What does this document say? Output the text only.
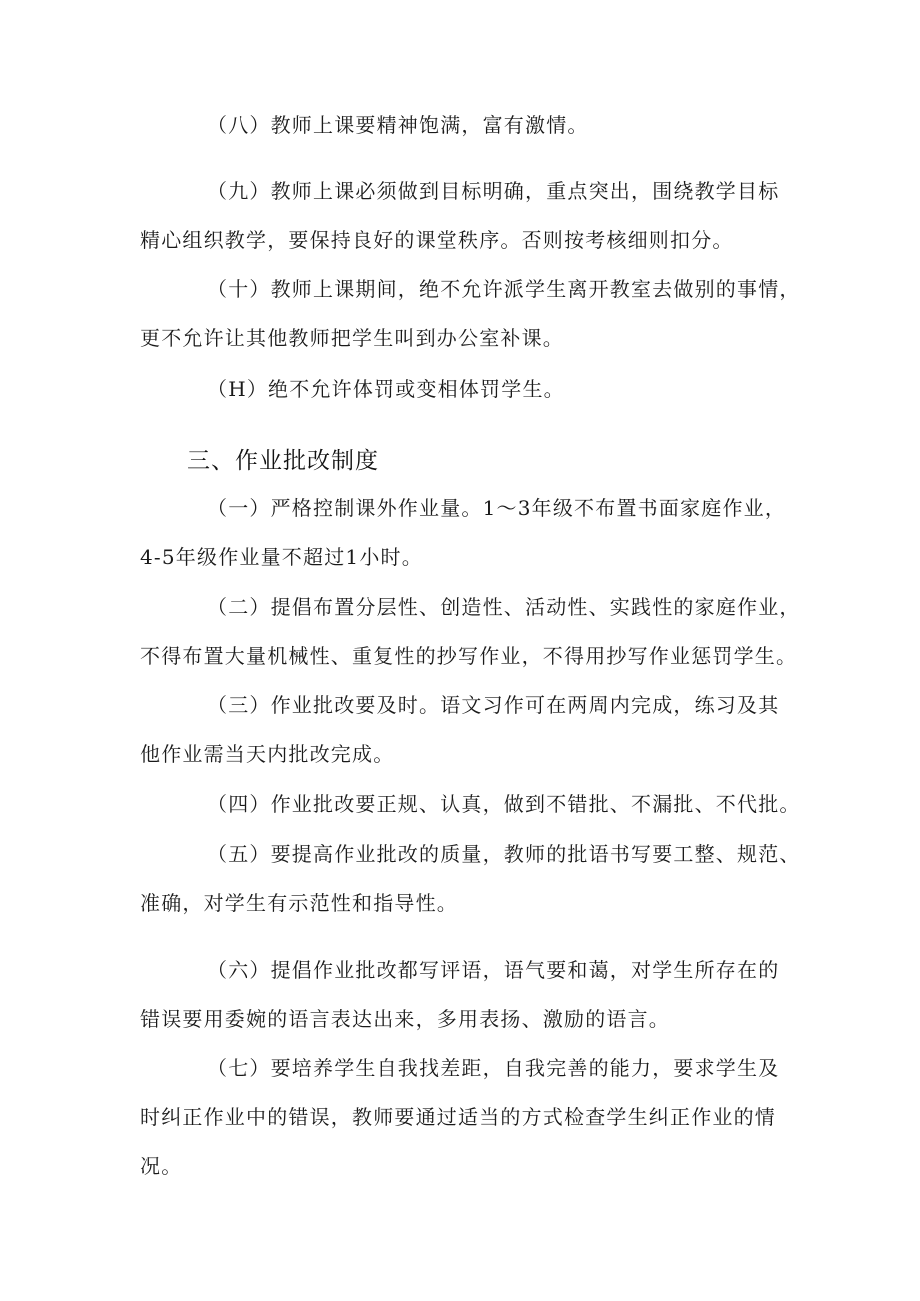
（八）教师上课要精神饱满，富有激情。
（九）教师上课必须做到目标明确，重点突出，围绕教学目标
精心组织教学，要保持良好的课堂秩序。否则按考核细则扣分。
（十）教师上课期间，绝不允许派学生离开教室去做别的事情，
更不允许让其他教师把学生叫到办公室补课。
（H）绝不允许体罚或变相体罚学生。
三、作业批改制度
（一）严格控制课外作业量。1～3年级不布置书面家庭作业，
4-5年级作业量不超过1小时。
（二）提倡布置分层性、创造性、活动性、实践性的家庭作业，
不得布置大量机械性、重复性的抄写作业，不得用抄写作业惩罚学生。
（三）作业批改要及时。语文习作可在两周内完成，练习及其
他作业需当天内批改完成。
（四）作业批改要正规、认真，做到不错批、不漏批、不代批。
（五）要提高作业批改的质量，教师的批语书写要工整、规范、
准确，对学生有示范性和指导性。
（六）提倡作业批改都写评语，语气要和蔼，对学生所存在的
错误要用委婉的语言表达出来，多用表扬、激励的语言。
（七）要培养学生自我找差距，自我完善的能力，要求学生及
时纠正作业中的错误，教师要通过适当的方式检查学生纠正作业的情
况。
